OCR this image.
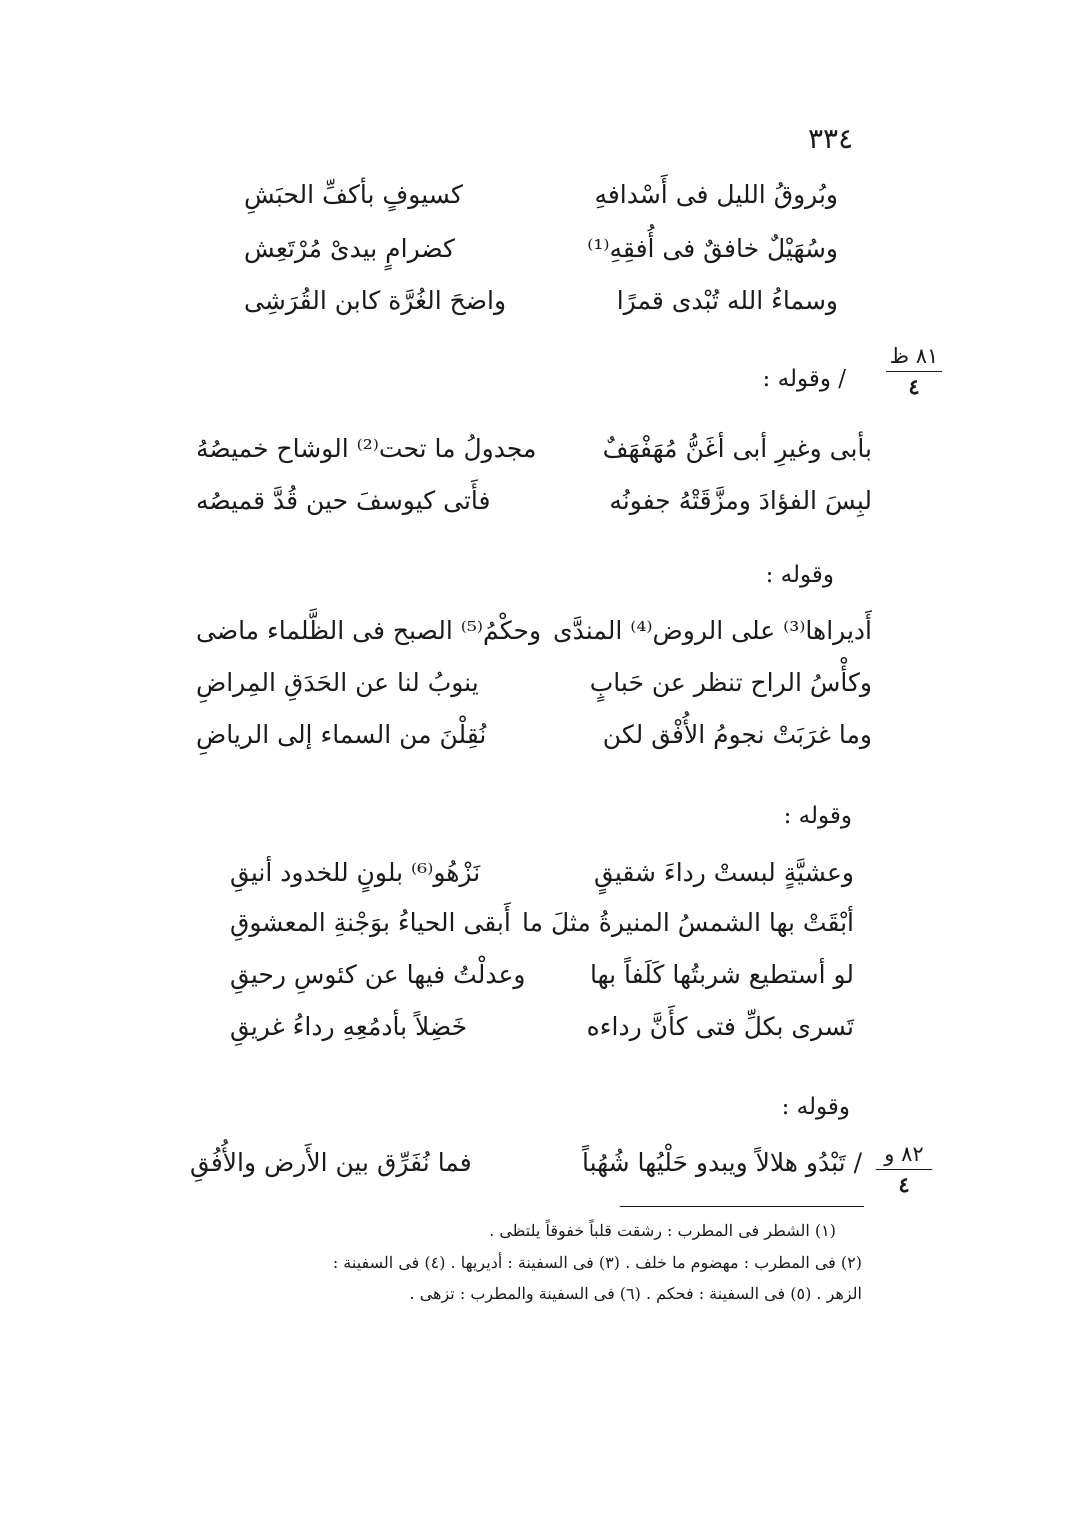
٣٣٤
وبُروقُ الليل فى أَسْدافهِ
كسيوفٍ بأكفِّ الحبَشِ
وسُهَيْلٌ خافقٌ فى أُفقِهِ⁽¹⁾
كضرامٍ بيدىْ مُرْتَعِش
وسماءُ الله تُبْدى قمرًا
واضحَ الغُرَّة كابن القُرَشِى
٨١ ظ
٤
/ وقوله :
بأبى وغيرِ أبى أغَنُّ مُهَفْهَفٌ
مجدولُ ما تحت⁽²⁾ الوشاح خميصُهُ
لبِسَ الفؤادَ ومزَّقَتْهُ جفونُه
فأَتى كيوسفَ حين قُدَّ قميصُه
وقوله :
أَديراها⁽³⁾ على الروض⁽⁴⁾ المندَّى
وحكْمُ⁽⁵⁾ الصبح فى الظَّلماء ماضى
وكأْسُ الراح تنظر عن حَبابٍ
ينوبُ لنا عن الحَدَقِ المِراضِ
وما غرَبَتْ نجومُ الأُفْق لكن
نُقِلْنَ من السماء إلى الرياضِ
وقوله :
وعشيَّةٍ لبستْ رداءَ شقيقٍ
نَزْهُو⁽⁶⁾ بلونٍ للخدود أنيقِ
أبْقَتْ بها الشمسُ المنيرةُ مثلَ ما
أَبقى الحياءُ بوَجْنةِ المعشوقِ
لو أستطيع شربتُها كَلَفاً بها
وعدلْتُ فيها عن كئوسِ رحيقِ
تَسرى بكلِّ فتى كأَنَّ رداءه
خَضِلاً بأدمُعِهِ رداءُ غريقِ
وقوله :
٨٢ و
٤
/ تَبْدُو هلالاً ويبدو حَلْيُها شُهُباً
فما نُفَرِّق بين الأَرض والأُفُقِ
(١) الشطر فى المطرب : رشقت قلباً خفوقاً يلتظى .
(٢) فى المطرب : مهضوم ما خلف . (٣) فى السفينة : أديريها . (٤) فى السفينة :
الزهر . (٥) فى السفينة : فحكم . (٦) فى السفينة والمطرب : تزهى .
